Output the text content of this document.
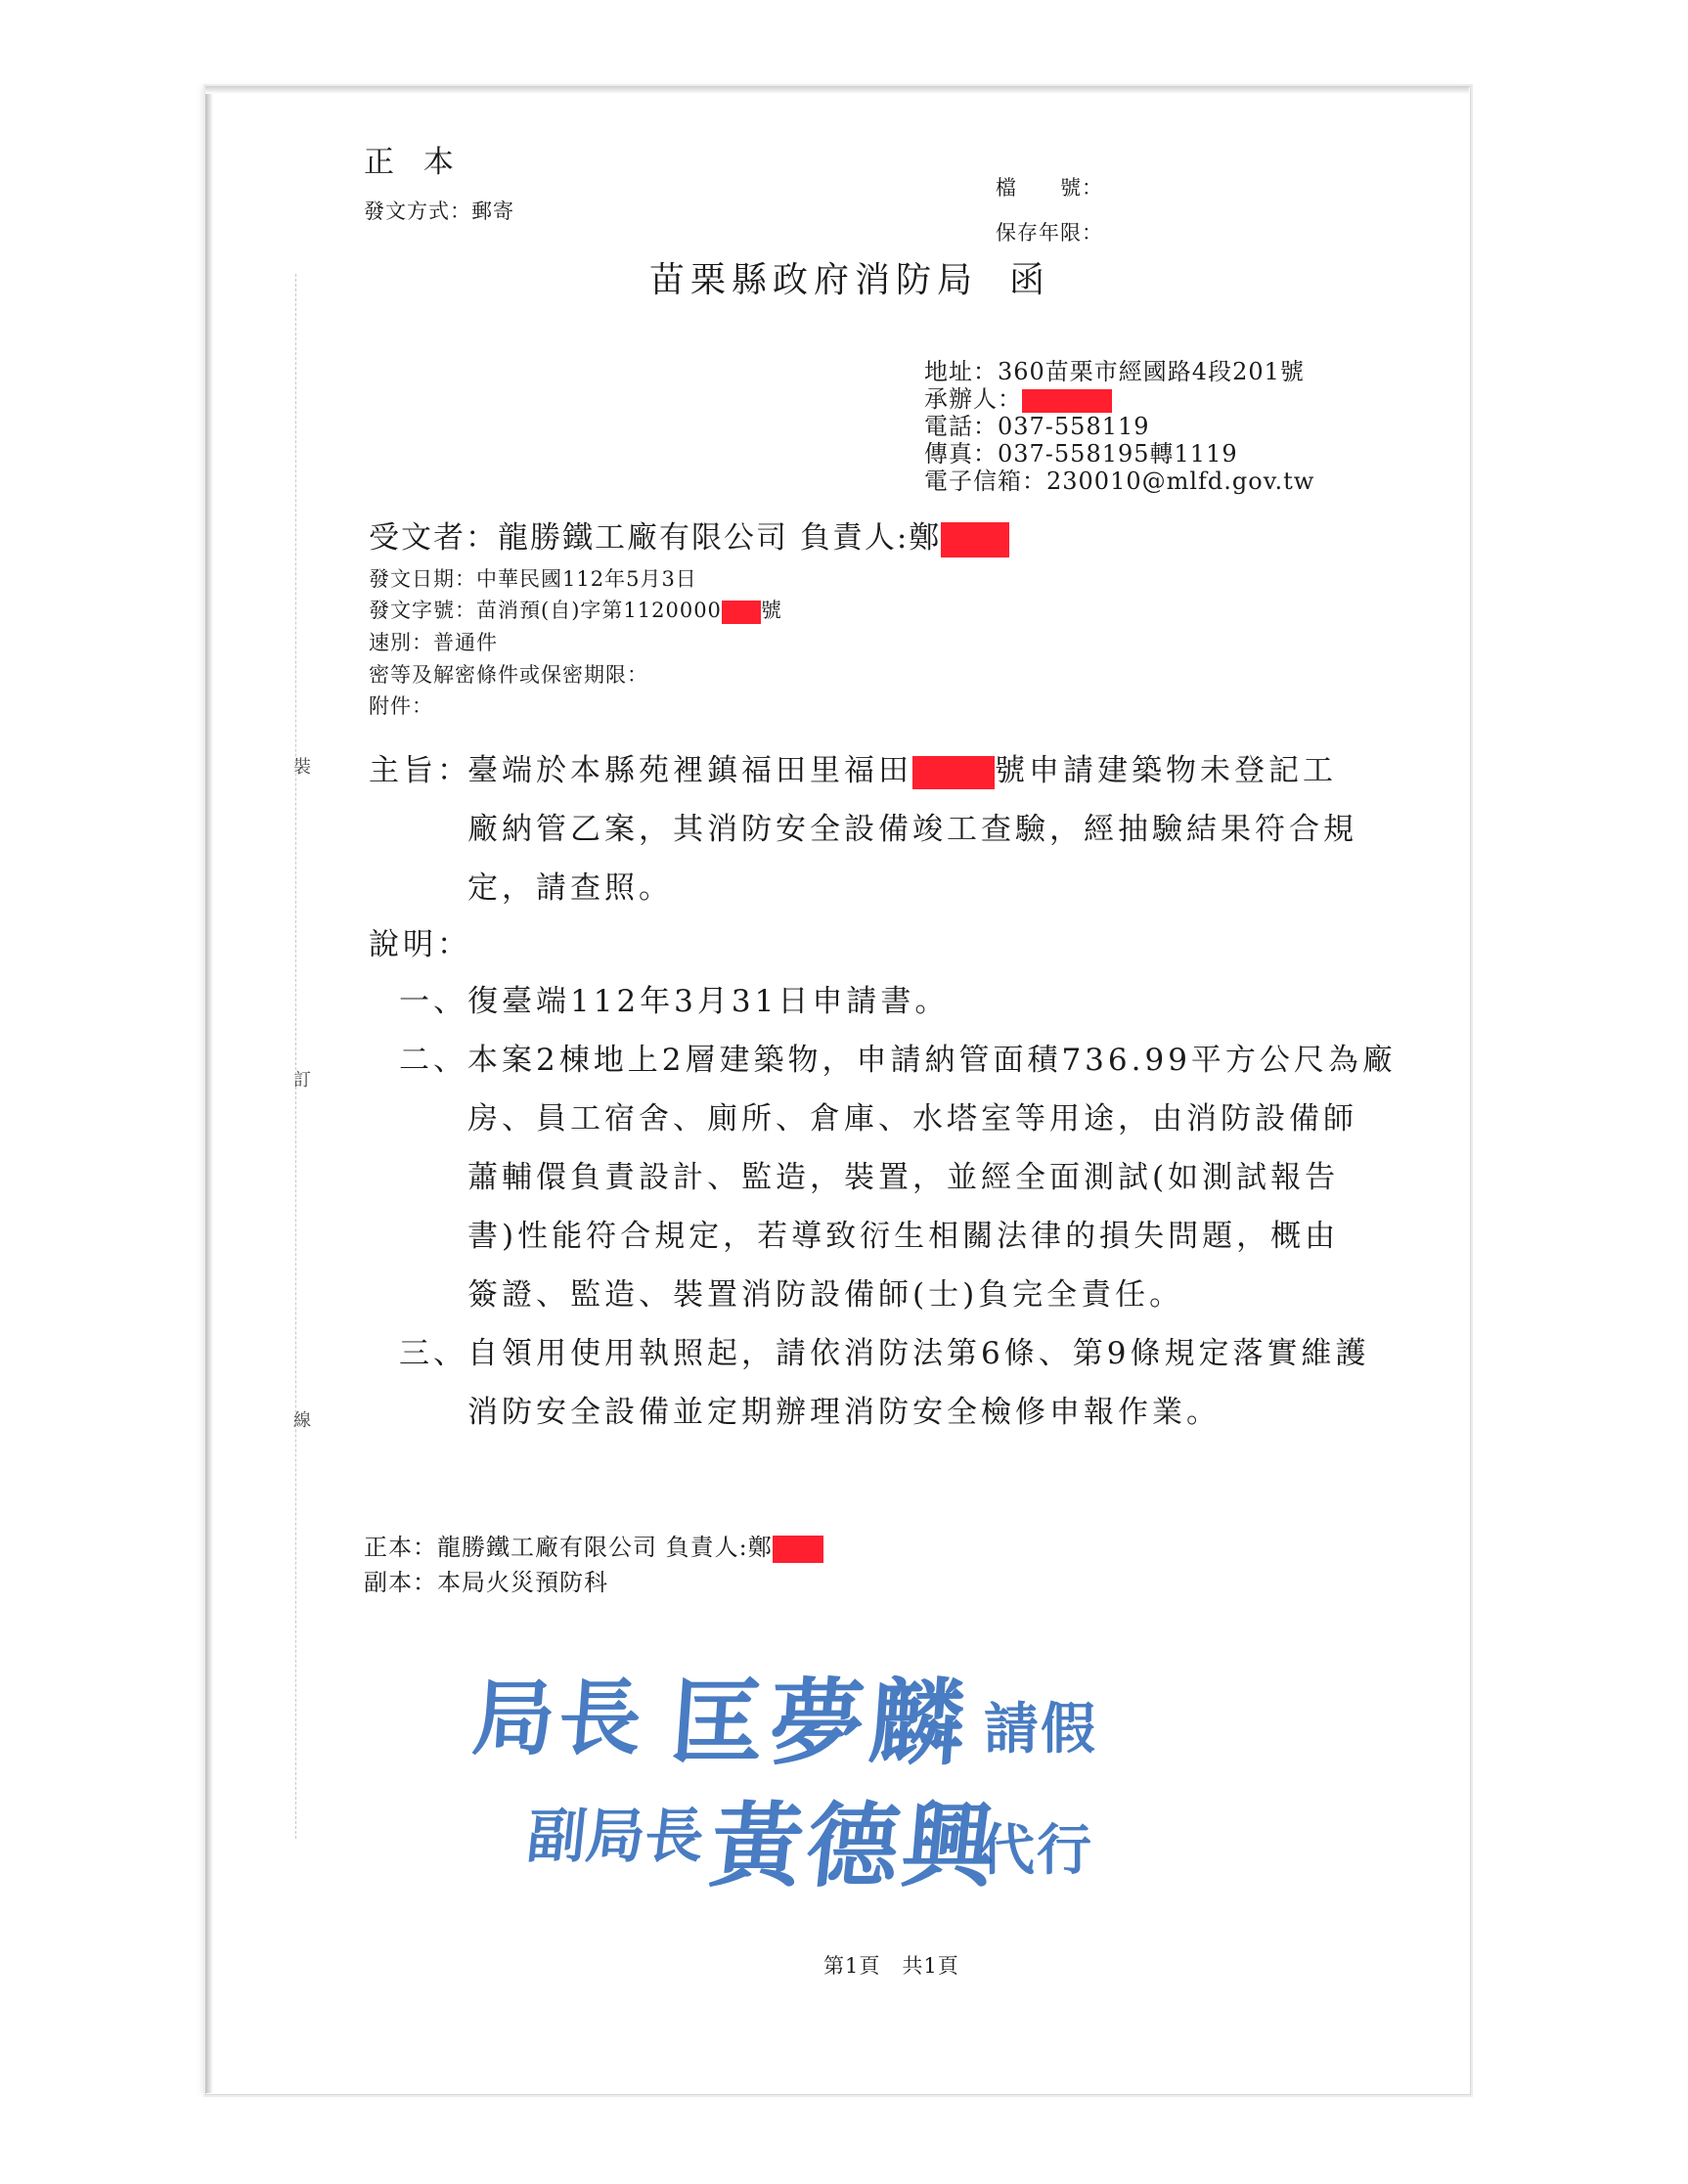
正 本
發文方式：郵寄
檔　　號：
保存年限：
苗栗縣政府消防局 函
地址：360苗栗市經國路4段201號
承辦人：
電話：037-558119
傳真：037-558195轉1119
電子信箱：230010@mlfd.gov.tw
受文者：龍勝鐵工廠有限公司 負責人:鄭
發文日期：中華民國112年5月3日
發文字號：苗消預(自)字第1120000 號
速別：普通件
密等及解密條件或保密期限：
附件：
裝
訂
線
主旨：
臺端於本縣苑裡鎮福田里福田	號申請建築物未登記工
廠納管乙案，其消防安全設備竣工查驗，經抽驗結果符合規
定，請查照。
說明：
一、復臺端112年3月31日申請書。
二、本案2棟地上2層建築物，申請納管面積736.99平方公尺為廠
房、員工宿舍、廁所、倉庫、水塔室等用途，由消防設備師
蕭輔儇負責設計、監造，裝置，並經全面測試(如測試報告
書)性能符合規定，若導致衍生相關法律的損失問題，概由
簽證、監造、裝置消防設備師(士)負完全責任。
三、自領用使用執照起，請依消防法第6條、第9條規定落實維護
消防安全設備並定期辦理消防安全檢修申報作業。
正本：龍勝鐵工廠有限公司 負責人:鄭
副本：本局火災預防科
局長 匡夢麟 請假
副局長
黃德興
代行
第1頁　共1頁
